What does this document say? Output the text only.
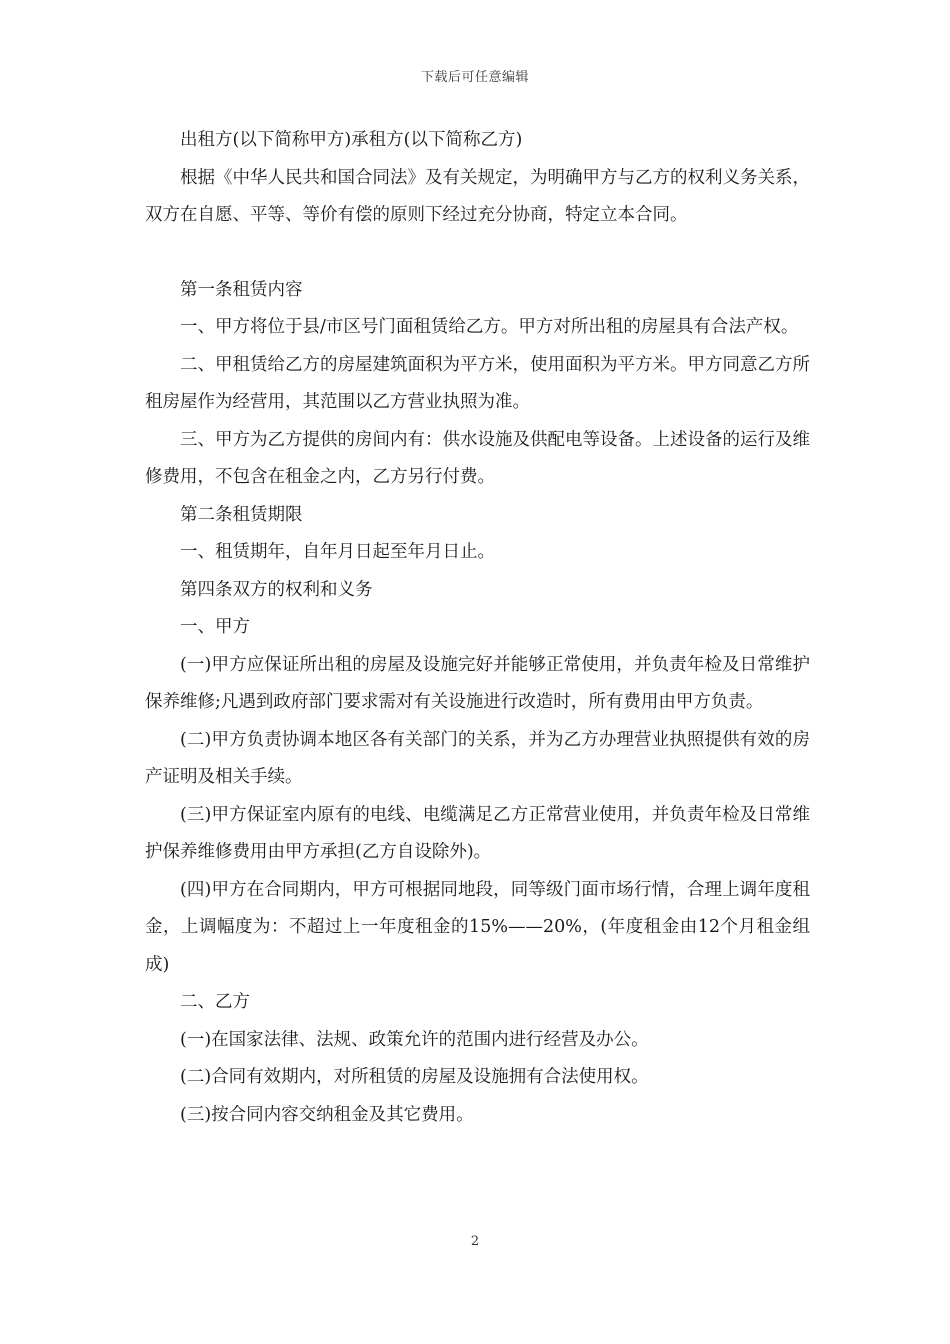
下载后可任意编辑

出租方(以下简称甲方)承租方(以下简称乙方)

根据《中华人民共和国合同法》及有关规定，为明确甲方与乙方的权利义务关系，双方在自愿、平等、等价有偿的原则下经过充分协商，特定立本合同。

第一条租赁内容

一、甲方将位于县/市区号门面租赁给乙方。甲方对所出租的房屋具有合法产权。

二、甲租赁给乙方的房屋建筑面积为平方米，使用面积为平方米。甲方同意乙方所租房屋作为经营用，其范围以乙方营业执照为准。

三、甲方为乙方提供的房间内有：供水设施及供配电等设备。上述设备的运行及维修费用，不包含在租金之内，乙方另行付费。

第二条租赁期限

一、租赁期年，自年月日起至年月日止。

第四条双方的权利和义务

一、甲方

(一)甲方应保证所出租的房屋及设施完好并能够正常使用，并负责年检及日常维护保养维修;凡遇到政府部门要求需对有关设施进行改造时，所有费用由甲方负责。

(二)甲方负责协调本地区各有关部门的关系，并为乙方办理营业执照提供有效的房产证明及相关手续。

(三)甲方保证室内原有的电线、电缆满足乙方正常营业使用，并负责年检及日常维护保养维修费用由甲方承担(乙方自设除外)。

(四)甲方在合同期内，甲方可根据同地段，同等级门面市场行情，合理上调年度租金，上调幅度为：不超过上一年度租金的15%——20%，(年度租金由12个月租金组成)

二、乙方

(一)在国家法律、法规、政策允许的范围内进行经营及办公。

(二)合同有效期内，对所租赁的房屋及设施拥有合法使用权。

(三)按合同内容交纳租金及其它费用。

2
